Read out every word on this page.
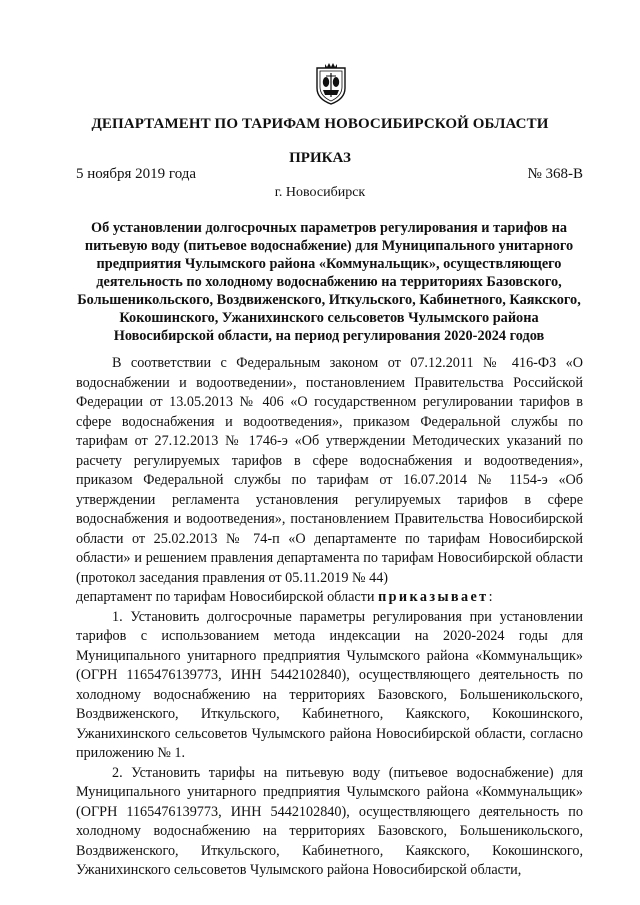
ДЕПАРТАМЕНТ ПО ТАРИФАМ НОВОСИБИРСКОЙ ОБЛАСТИ
ПРИКАЗ
5 ноября 2019 года	№ 368-В
г. Новосибирск
Об установлении долгосрочных параметров регулирования и тарифов на питьевую воду (питьевое водоснабжение) для Муниципального унитарного предприятия Чулымского района «Коммунальщик», осуществляющего деятельность по холодному водоснабжению на территориях Базовского, Большеникольского, Воздвиженского, Иткульского, Кабинетного, Каякского, Кокошинского, Ужанихинского сельсоветов Чулымского района Новосибирской области, на период регулирования 2020-2024 годов

В соответствии с Федеральным законом от 07.12.2011 № 416-ФЗ «О водоснабжении и водоотведении», постановлением Правительства Российской Федерации от 13.05.2013 № 406 «О государственном регулировании тарифов в сфере водоснабжения и водоотведения», приказом Федеральной службы по тарифам от 27.12.2013 № 1746-э «Об утверждении Методических указаний по расчету регулируемых тарифов в сфере водоснабжения и водоотведения», приказом Федеральной службы по тарифам от 16.07.2014 № 1154-э «Об утверждении регламента установления регулируемых тарифов в сфере водоснабжения и водоотведения», постановлением Правительства Новосибирской области от 25.02.2013 № 74-п «О департаменте по тарифам Новосибирской области» и решением правления департамента по тарифам Новосибирской области (протокол заседания правления от 05.11.2019 № 44)

департамент по тарифам Новосибирской области приказывает:

1. Установить долгосрочные параметры регулирования при установлении тарифов с использованием метода индексации на 2020-2024 годы для Муниципального унитарного предприятия Чулымского района «Коммунальщик» (ОГРН 1165476139773, ИНН 5442102840), осуществляющего деятельность по холодному водоснабжению на территориях Базовского, Большеникольского, Воздвиженского, Иткульского, Кабинетного, Каякского, Кокошинского, Ужанихинского сельсоветов Чулымского района Новосибирской области, согласно приложению № 1.

2. Установить тарифы на питьевую воду (питьевое водоснабжение) для Муниципального унитарного предприятия Чулымского района «Коммунальщик» (ОГРН 1165476139773, ИНН 5442102840), осуществляющего деятельность по холодному водоснабжению на территориях Базовского, Большеникольского, Воздвиженского, Иткульского, Кабинетного, Каякского, Кокошинского, Ужанихинского сельсоветов Чулымского района Новосибирской области,
